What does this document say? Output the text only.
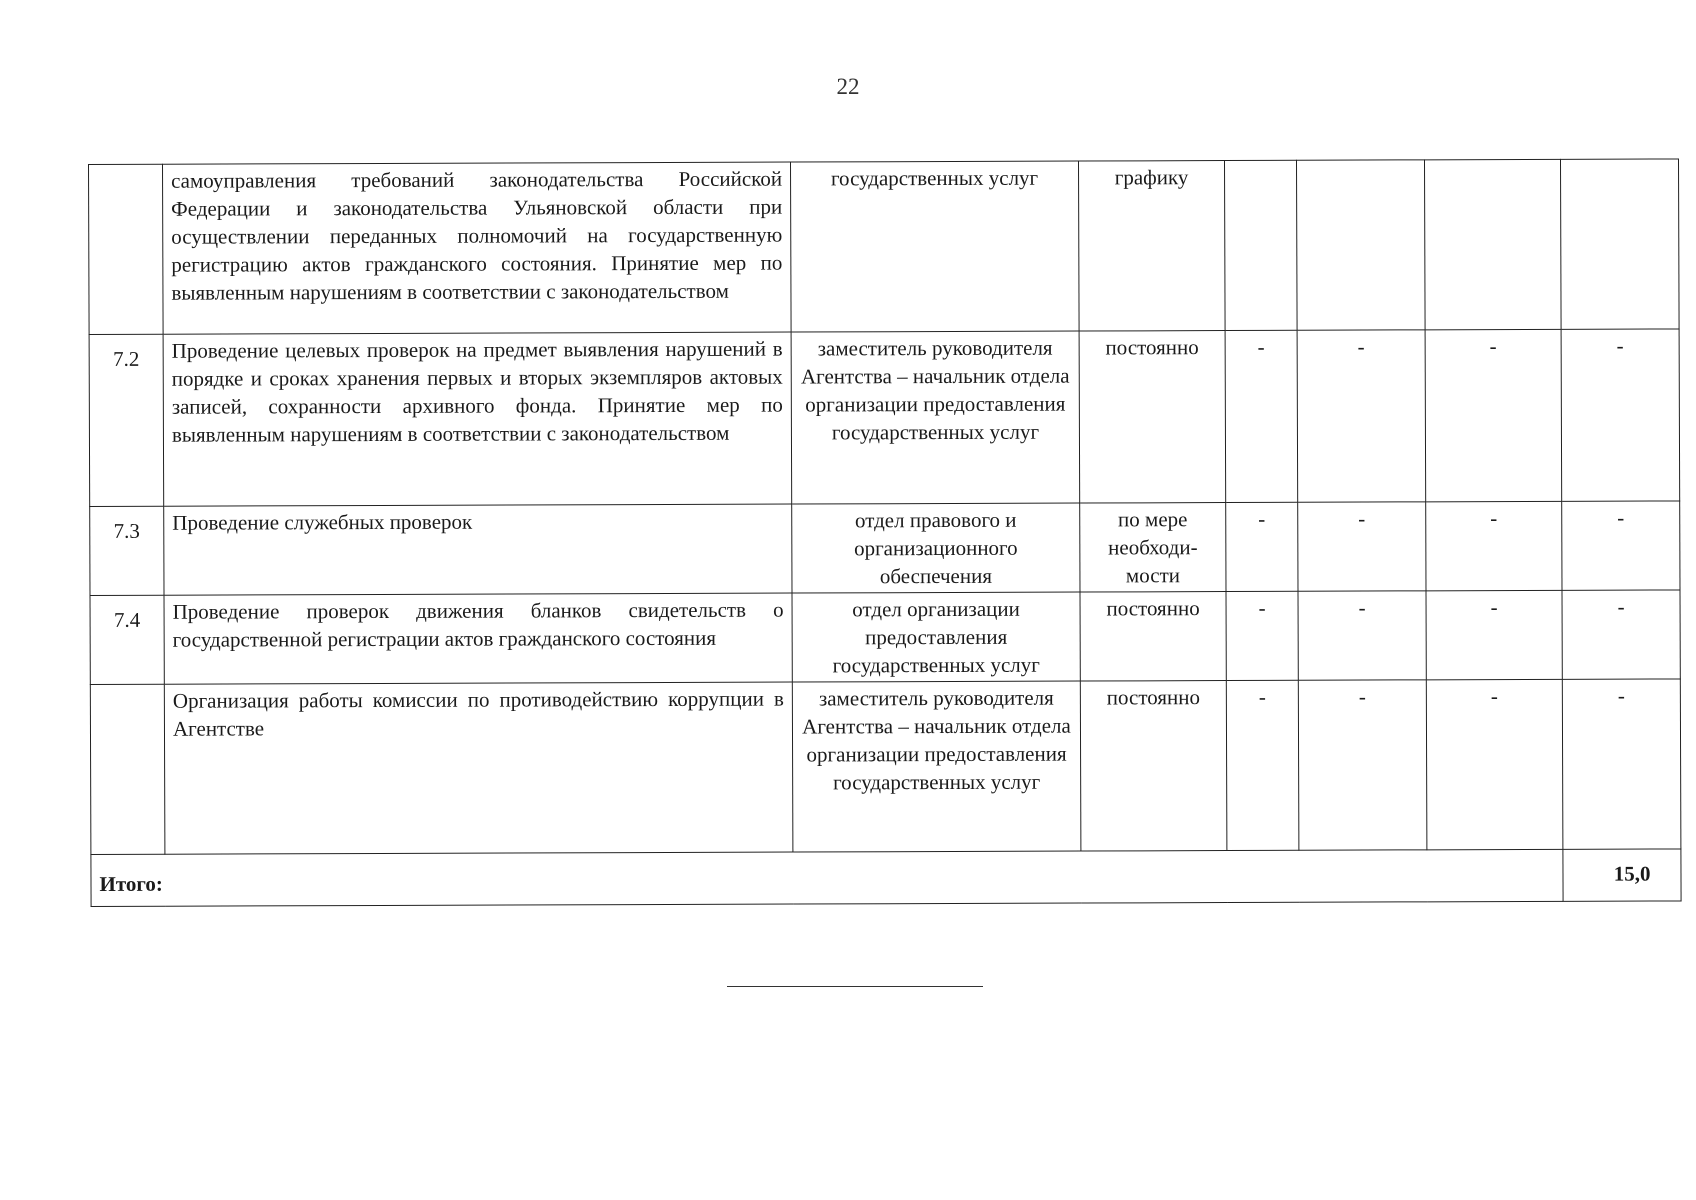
22
	самоуправления требований законодательства Российской Федерации и законодательства Ульяновской области при осуществлении переданных полномочий на государственную регистрацию актов гражданского состояния. Принятие мер по выявленным нарушениям в соответствии с законодательством	государственных услуг	графику				
7.2	Проведение целевых проверок на предмет выявления нарушений в порядке и сроках хранения первых и вторых экземпляров актовых записей, сохранности архивного фонда. Принятие мер по выявленным нарушениям в соответствии с законодательством	заместитель руководителя Агентства – начальник отдела организации предоставления государственных услуг	постоянно	-	-	-	-
7.3	Проведение служебных проверок	отдел правового и организационного обеспечения	по мере необходи-мости	-	-	-	-
7.4	Проведение проверок движения бланков свидетельств о государственной регистрации актов гражданского состояния	отдел организации предоставления государственных услуг	постоянно	-	-	-	-
	Организация работы комиссии по противодействию коррупции в Агентстве	заместитель руководителя Агентства – начальник отдела организации предоставления государственных услуг	постоянно	-	-	-	-
Итого:							15,0
